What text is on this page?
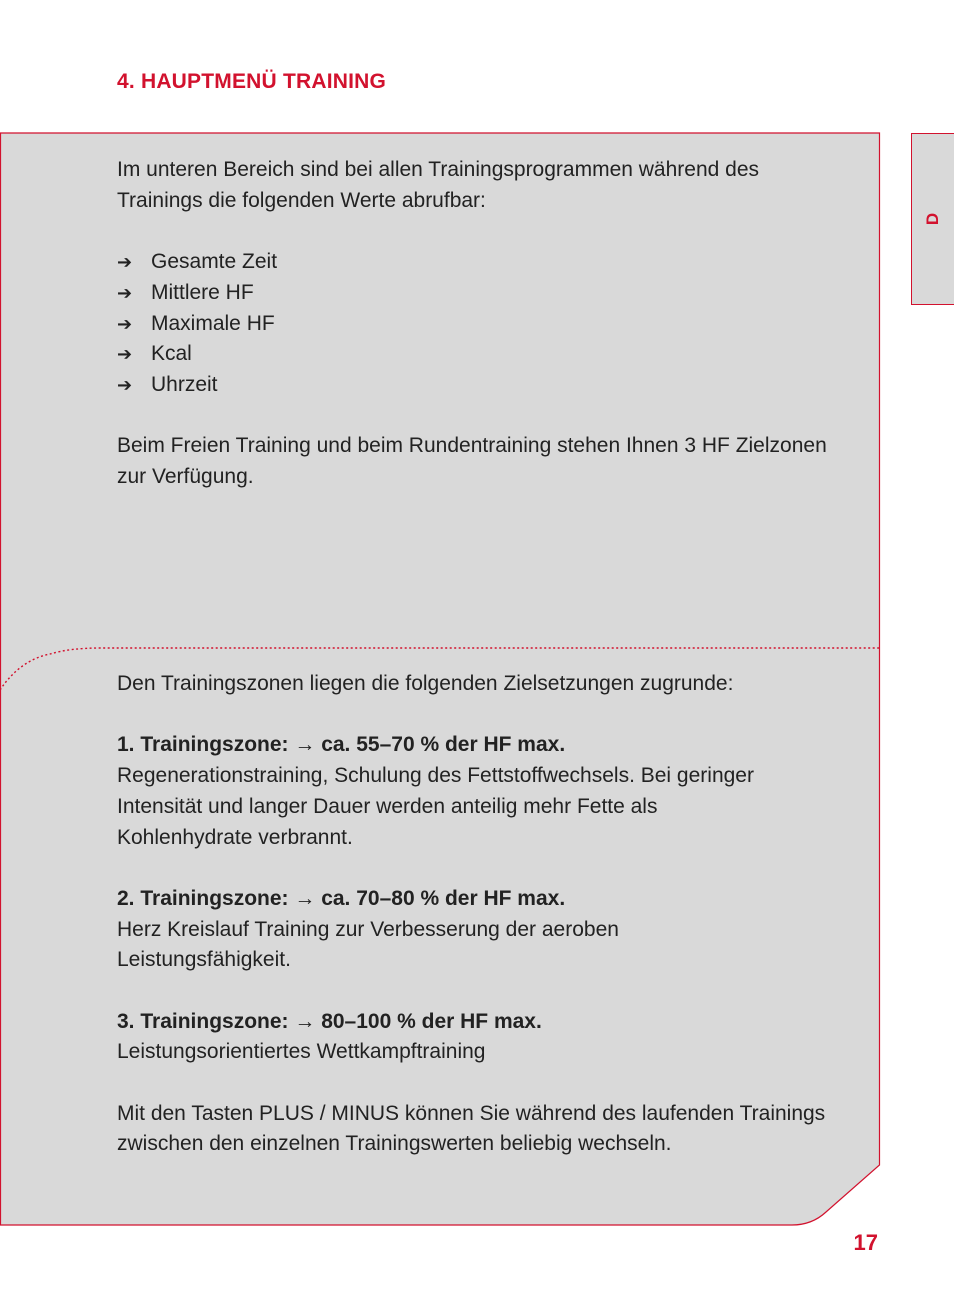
4. HAUPTMENÜ TRAINING
D

Im unteren Bereich sind bei allen Trainingsprogrammen während des Trainings die folgenden Werte abrufbar:

➔ Gesamte Zeit
➔ Mittlere HF
➔ Maximale HF
➔ Kcal
➔ Uhrzeit

Beim Freien Training und beim Rundentraining stehen Ihnen 3 HF Zielzonen zur Verfügung.

Den Trainingszonen liegen die folgenden Zielsetzungen zugrunde:

1. Trainingszone: → ca. 55–70 % der HF max.

Regenerationstraining, Schulung des Fettstoffwechsels. Bei geringer Intensität und langer Dauer werden anteilig mehr Fette als Kohlenhydrate verbrannt.

2. Trainingszone: → ca. 70–80 % der HF max.

Herz Kreislauf Training zur Verbesserung der aeroben Leistungsfähigkeit.

3. Trainingszone: → 80–100 % der HF max.

Leistungsorientiertes Wettkampftraining

Mit den Tasten PLUS / MINUS können Sie während des laufenden Trainings zwischen den einzelnen Trainingswerten beliebig wechseln.

17
